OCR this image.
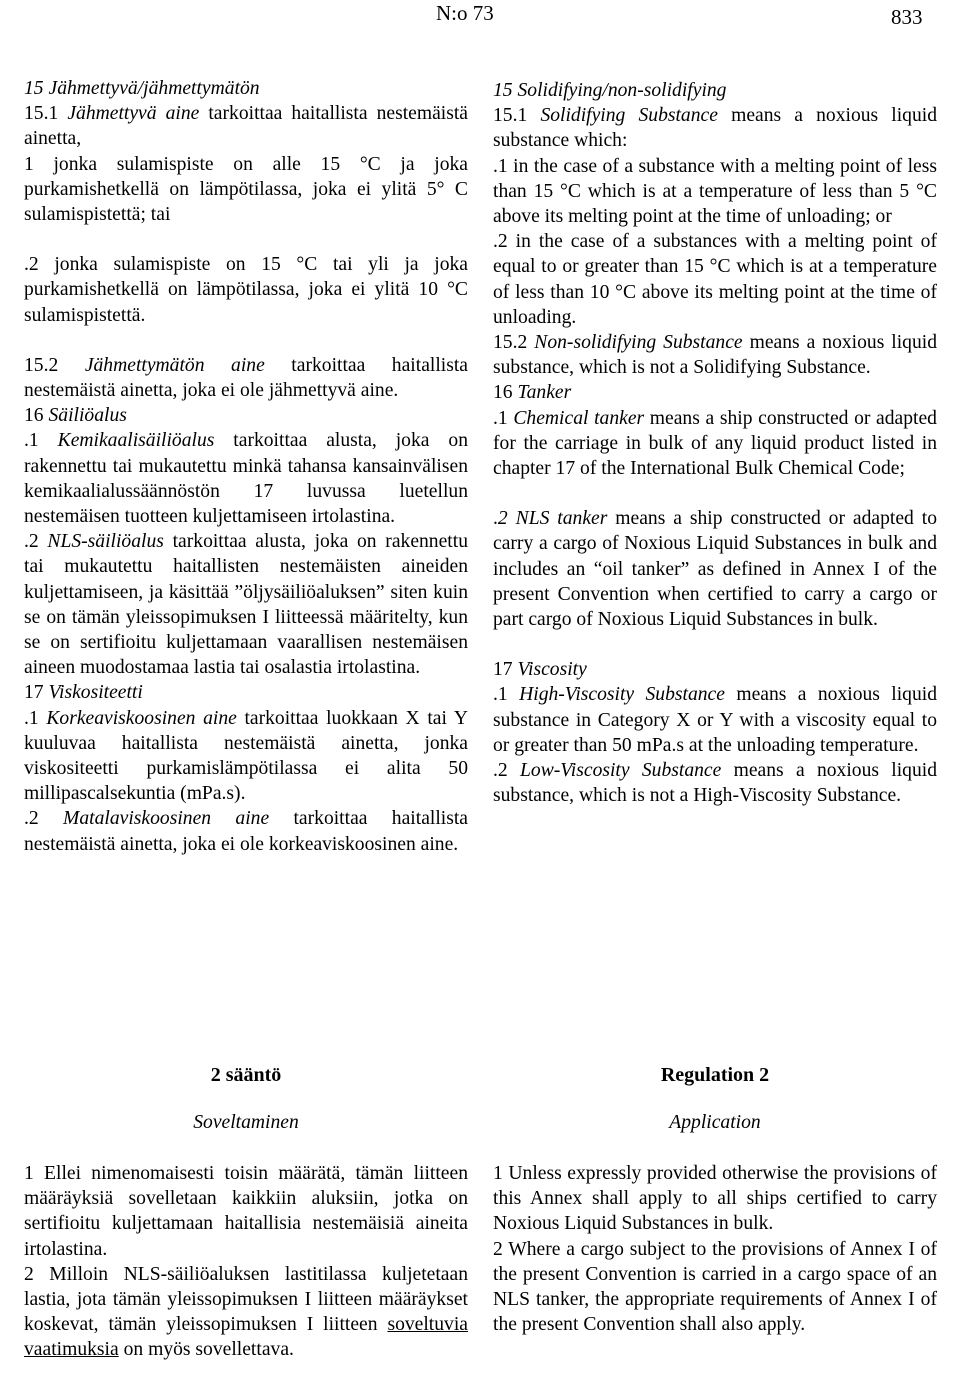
N:o 73	833

15 Jähmettyvä/jähmettymätön

15.1 Jähmettyvä aine tarkoittaa haitallista nestemäistä ainetta,

1 jonka sulamispiste on alle 15 °C ja joka purkamishetkellä on lämpötilassa, joka ei ylitä 5° C sulamispistettä; tai

.2 jonka sulamispiste on 15 °C tai yli ja joka purkamishetkellä on lämpötilassa, joka ei ylitä 10 °C sulamispistettä.

15.2 Jähmettymätön aine tarkoittaa haitallista nestemäistä ainetta, joka ei ole jähmettyvä aine.

16 Säiliöalus

.1 Kemikaalisäiliöalus tarkoittaa alusta, joka on rakennettu tai mukautettu minkä tahansa kansainvälisen kemikaalialussäännöstön 17 luvussa luetellun nestemäisen tuotteen kuljettamiseen irtolastina.

.2 NLS-säiliöalus tarkoittaa alusta, joka on rakennettu tai mukautettu haitallisten nestemäisten aineiden kuljettamiseen, ja käsittää ”öljysäiliöaluksen” siten kuin se on tämän yleissopimuksen I liitteessä määritelty, kun se on sertifioitu kuljettamaan vaarallisen nestemäisen aineen muodostamaa lastia tai osalastia irtolastina.

17 Viskositeetti

.1 Korkeaviskoosinen aine tarkoittaa luokkaan X tai Y kuuluvaa haitallista nestemäistä ainetta, jonka viskositeetti purkamislämpötilassa ei alita 50 millipascalsekuntia (mPa.s).

.2 Matalaviskoosinen aine tarkoittaa haitallista nestemäistä ainetta, joka ei ole korkeaviskoosinen aine.

15 Solidifying/non-solidifying

15.1 Solidifying Substance means a noxious liquid substance which:

.1 in the case of a substance with a melting point of less than 15 °C which is at a temperature of less than 5 °C above its melting point at the time of unloading; or

.2 in the case of a substances with a melting point of equal to or greater than 15 °C which is at a temperature of less than 10 °C above its melting point at the time of unloading.

15.2 Non-solidifying Substance means a noxious liquid substance, which is not a Solidifying Substance.

16 Tanker

.1 Chemical tanker means a ship constructed or adapted for the carriage in bulk of any liquid product listed in chapter 17 of the International Bulk Chemical Code;

.2 NLS tanker means a ship constructed or adapted to carry a cargo of Noxious Liquid Substances in bulk and includes an “oil tanker” as defined in Annex I of the present Convention when certified to carry a cargo or part cargo of Noxious Liquid Substances in bulk.

17 Viscosity

.1 High-Viscosity Substance means a noxious liquid substance in Category X or Y with a viscosity equal to or greater than 50 mPa.s at the unloading temperature.

.2 Low-Viscosity Substance means a noxious liquid substance, which is not a High-Viscosity Substance.

2 sääntö

Soveltaminen

1 Ellei nimenomaisesti toisin määrätä, tämän liitteen määräyksiä sovelletaan kaikkiin aluksiin, jotka on sertifioitu kuljettamaan haitallisia nestemäisiä aineita irtolastina.

2 Milloin NLS-säiliöaluksen lastitilassa kuljetetaan lastia, jota tämän yleissopimuksen I liitteen määräykset koskevat, tämän yleissopimuksen I liitteen soveltuvia vaatimuksia on myös sovellettava.

Regulation 2

Application

1 Unless expressly provided otherwise the provisions of this Annex shall apply to all ships certified to carry Noxious Liquid Substances in bulk.

2 Where a cargo subject to the provisions of Annex I of the present Convention is carried in a cargo space of an NLS tanker, the appropriate requirements of Annex I of the present Convention shall also apply.
